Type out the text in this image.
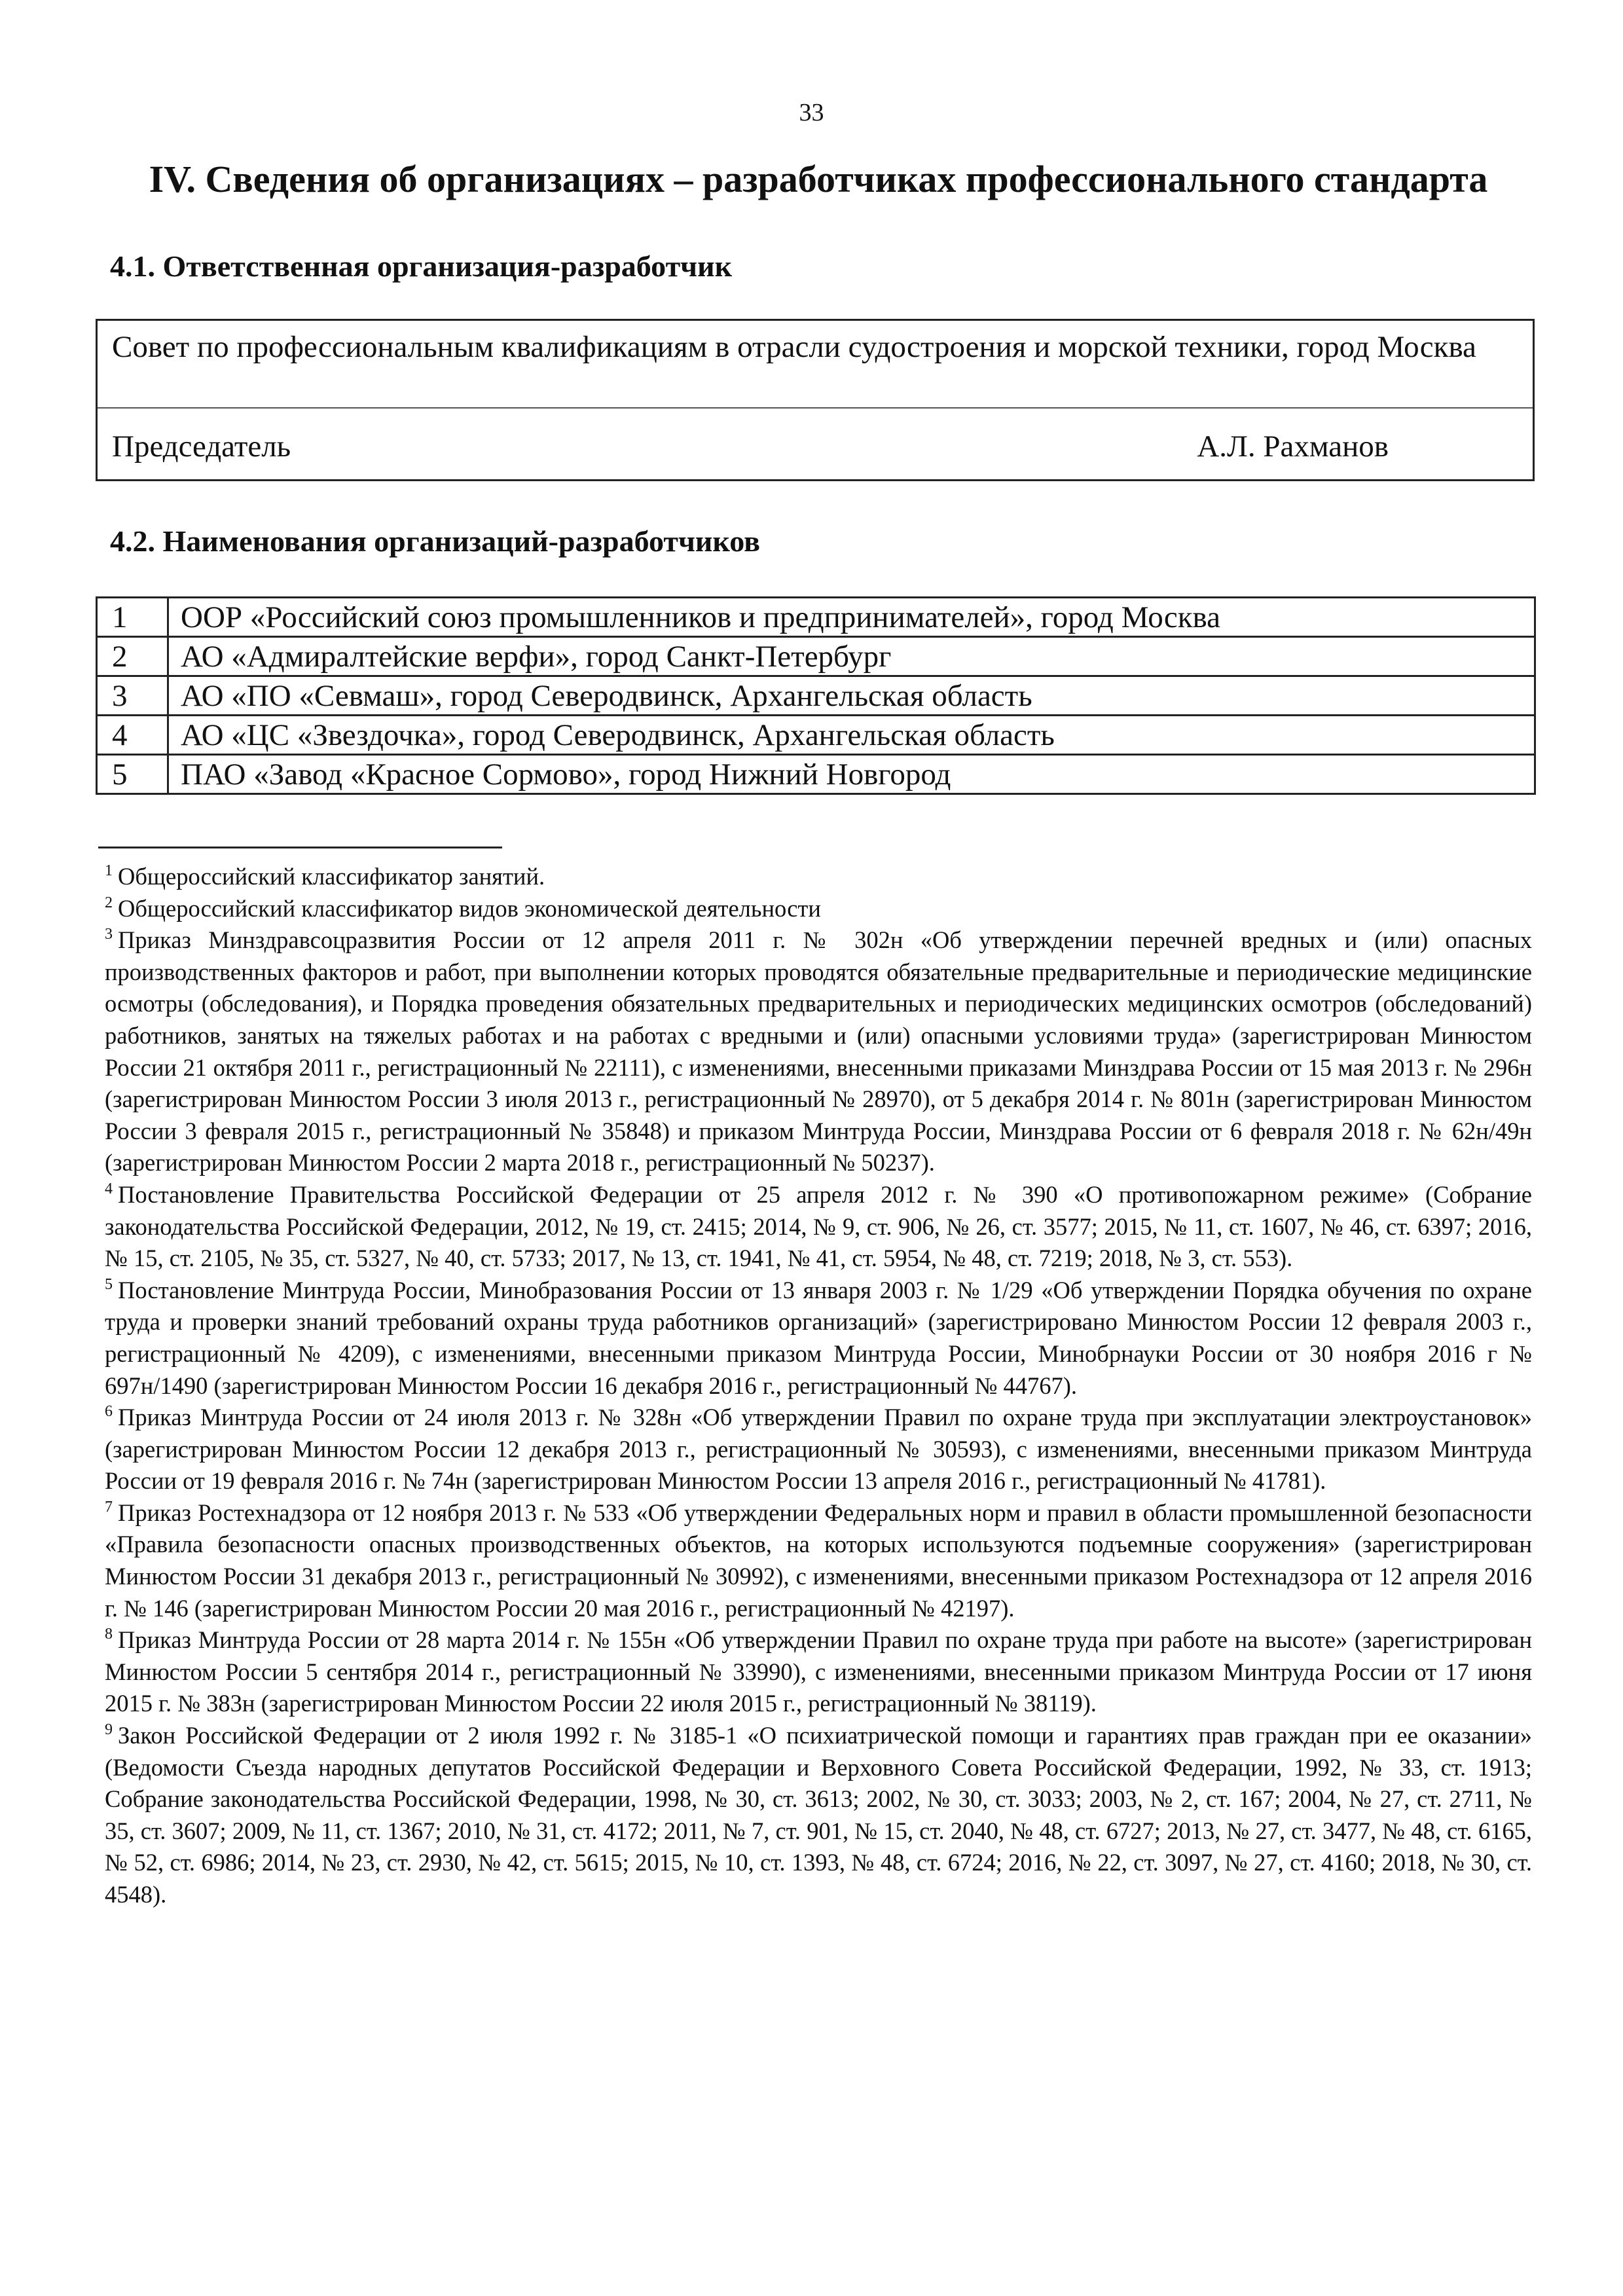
33
IV. Сведения об организациях – разработчиках профессионального стандарта
4.1. Ответственная организация-разработчик
Совет по профессиональным квалификациям в отрасли судостроения и морской техники, город Москва
Председатель	А.Л. Рахманов
4.2. Наименования организаций-разработчиков
1	ООР «Российский союз промышленников и предпринимателей», город Москва
2	АО «Адмиралтейские верфи», город Санкт-Петербург
3	АО «ПО «Севмаш», город Северодвинск, Архангельская область
4	АО «ЦС «Звездочка», город Северодвинск, Архангельская область
5	ПАО «Завод «Красное Сормово», город Нижний Новгород

$^1$ Общероссийский классификатор занятий.

$^2$ Общероссийский классификатор видов экономической деятельности

$^3$ Приказ Минздравсоцразвития России от 12 апреля 2011 г. № 302н «Об утверждении перечней вредных и (или) опасных производственных факторов и работ, при выполнении которых проводятся обязательные предварительные и периодические медицинские осмотры (обследования), и Порядка проведения обязательных предварительных и периодических медицинских осмотров (обследований) работников, занятых на тяжелых работах и на работах с вредными и (или) опасными условиями труда» (зарегистрирован Минюстом России 21 октября 2011 г., регистрационный № 22111), с изменениями, внесенными приказами Минздрава России от 15 мая 2013 г. № 296н (зарегистрирован Минюстом России 3 июля 2013 г., регистрационный № 28970), от 5 декабря 2014 г. № 801н (зарегистрирован Минюстом России 3 февраля 2015 г., регистрационный № 35848) и приказом Минтруда России, Минздрава России от 6 февраля 2018 г. № 62н/49н (зарегистрирован Минюстом России 2 марта 2018 г., регистрационный № 50237).

$^4$ Постановление Правительства Российской Федерации от 25 апреля 2012 г. № 390 «О противопожарном режиме» (Собрание законодательства Российской Федерации, 2012, № 19, ст. 2415; 2014, № 9, ст. 906, № 26, ст. 3577; 2015, № 11, ст. 1607, № 46, ст. 6397; 2016, № 15, ст. 2105, № 35, ст. 5327, № 40, ст. 5733; 2017, № 13, ст. 1941, № 41, ст. 5954, № 48, ст. 7219; 2018, № 3, ст. 553).

$^5$ Постановление Минтруда России, Минобразования России от 13 января 2003 г. № 1/29 «Об утверждении Порядка обучения по охране труда и проверки знаний требований охраны труда работников организаций» (зарегистрировано Минюстом России 12 февраля 2003 г., регистрационный № 4209), с изменениями, внесенными приказом Минтруда России, Минобрнауки России от 30 ноября 2016 г № 697н/1490 (зарегистрирован Минюстом России 16 декабря 2016 г., регистрационный № 44767).

$^6$ Приказ Минтруда России от 24 июля 2013 г. № 328н «Об утверждении Правил по охране труда при эксплуатации электроустановок» (зарегистрирован Минюстом России 12 декабря 2013 г., регистрационный № 30593), с изменениями, внесенными приказом Минтруда России от 19 февраля 2016 г. № 74н (зарегистрирован Минюстом России 13 апреля 2016 г., регистрационный № 41781).

$^7$ Приказ Ростехнадзора от 12 ноября 2013 г. № 533 «Об утверждении Федеральных норм и правил в области промышленной безопасности «Правила безопасности опасных производственных объектов, на которых используются подъемные сооружения» (зарегистрирован Минюстом России 31 декабря 2013 г., регистрационный № 30992), с изменениями, внесенными приказом Ростехнадзора от 12 апреля 2016 г. № 146 (зарегистрирован Минюстом России 20 мая 2016 г., регистрационный № 42197).

$^8$ Приказ Минтруда России от 28 марта 2014 г. № 155н «Об утверждении Правил по охране труда при работе на высоте» (зарегистрирован Минюстом России 5 сентября 2014 г., регистрационный № 33990), с изменениями, внесенными приказом Минтруда России от 17 июня 2015 г. № 383н (зарегистрирован Минюстом России 22 июля 2015 г., регистрационный № 38119).

$^9$ Закон Российской Федерации от 2 июля 1992 г. № 3185-1 «О психиатрической помощи и гарантиях прав граждан при ее оказании» (Ведомости Съезда народных депутатов Российской Федерации и Верховного Совета Российской Федерации, 1992, № 33, ст. 1913; Собрание законодательства Российской Федерации, 1998, № 30, ст. 3613; 2002, № 30, ст. 3033; 2003, № 2, ст. 167; 2004, № 27, ст. 2711, № 35, ст. 3607; 2009, № 11, ст. 1367; 2010, № 31, ст. 4172; 2011, № 7, ст. 901, № 15, ст. 2040, № 48, ст. 6727; 2013, № 27, ст. 3477, № 48, ст. 6165, № 52, ст. 6986; 2014, № 23, ст. 2930, № 42, ст. 5615; 2015, № 10, ст. 1393, № 48, ст. 6724; 2016, № 22, ст. 3097, № 27, ст. 4160; 2018, № 30, ст. 4548).
